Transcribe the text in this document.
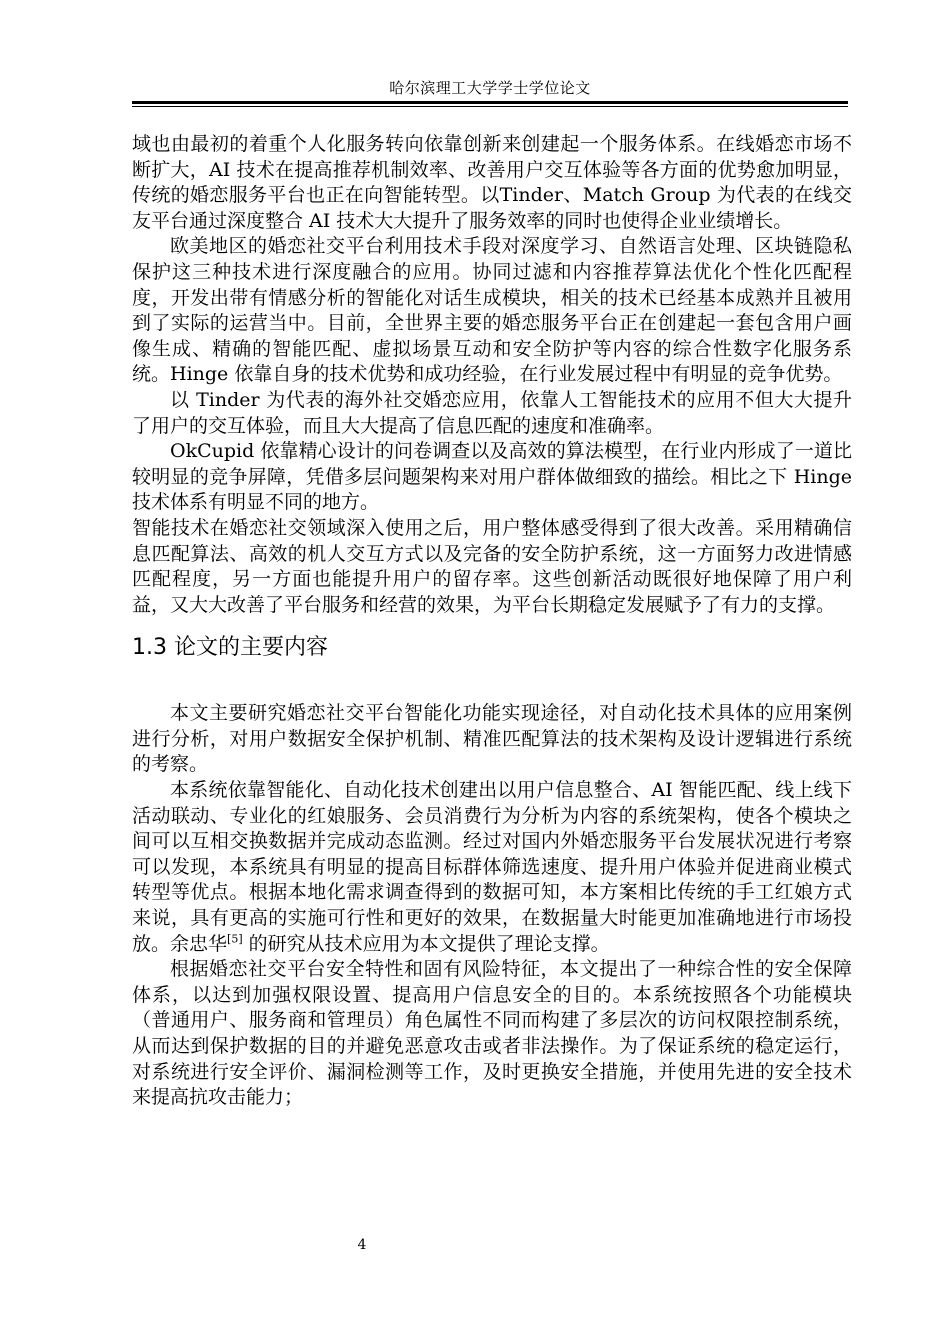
哈尔滨理工大学学士学位论文

域也由最初的着重个人化服务转向依靠创新来创建起一个服务体系。在线婚恋市场不断扩大，AI 技术在提高推荐机制效率、改善用户交互体验等各方面的优势愈加明显，传统的婚恋服务平台也正在向智能转型。以Tinder、Match Group 为代表的在线交友平台通过深度整合 AI 技术大大提升了服务效率的同时也使得企业业绩增长。

欧美地区的婚恋社交平台利用技术手段对深度学习、自然语言处理、区块链隐私保护这三种技术进行深度融合的应用。协同过滤和内容推荐算法优化个性化匹配程度，开发出带有情感分析的智能化对话生成模块，相关的技术已经基本成熟并且被用到了实际的运营当中。目前，全世界主要的婚恋服务平台正在创建起一套包含用户画像生成、精确的智能匹配、虚拟场景互动和安全防护等内容的综合性数字化服务系统。Hinge 依靠自身的技术优势和成功经验，在行业发展过程中有明显的竞争优势。

以 Tinder 为代表的海外社交婚恋应用，依靠人工智能技术的应用不但大大提升了用户的交互体验，而且大大提高了信息匹配的速度和准确率。

OkCupid 依靠精心设计的问卷调查以及高效的算法模型，在行业内形成了一道比较明显的竞争屏障，凭借多层问题架构来对用户群体做细致的描绘。相比之下 Hinge 技术体系有明显不同的地方。

智能技术在婚恋社交领域深入使用之后，用户整体感受得到了很大改善。采用精确信息匹配算法、高效的机人交互方式以及完备的安全防护系统，这一方面努力改进情感匹配程度，另一方面也能提升用户的留存率。这些创新活动既很好地保障了用户利益，又大大改善了平台服务和经营的效果，为平台长期稳定发展赋予了有力的支撑。

1.3 论文的主要内容

本文主要研究婚恋社交平台智能化功能实现途径，对自动化技术具体的应用案例进行分析，对用户数据安全保护机制、精准匹配算法的技术架构及设计逻辑进行系统的考察。

本系统依靠智能化、自动化技术创建出以用户信息整合、AI 智能匹配、线上线下活动联动、专业化的红娘服务、会员消费行为分析为内容的系统架构，使各个模块之间可以互相交换数据并完成动态监测。经过对国内外婚恋服务平台发展状况进行考察可以发现，本系统具有明显的提高目标群体筛选速度、提升用户体验并促进商业模式转型等优点。根据本地化需求调查得到的数据可知，本方案相比传统的手工红娘方式来说，具有更高的实施可行性和更好的效果，在数据量大时能更加准确地进行市场投放。余忠华[5] 的研究从技术应用为本文提供了理论支撑。

根据婚恋社交平台安全特性和固有风险特征，本文提出了一种综合性的安全保障体系，以达到加强权限设置、提高用户信息安全的目的。本系统按照各个功能模块（普通用户、服务商和管理员）角色属性不同而构建了多层次的访问权限控制系统，从而达到保护数据的目的并避免恶意攻击或者非法操作。为了保证系统的稳定运行，对系统进行安全评价、漏洞检测等工作，及时更换安全措施，并使用先进的安全技术来提高抗攻击能力；

4
